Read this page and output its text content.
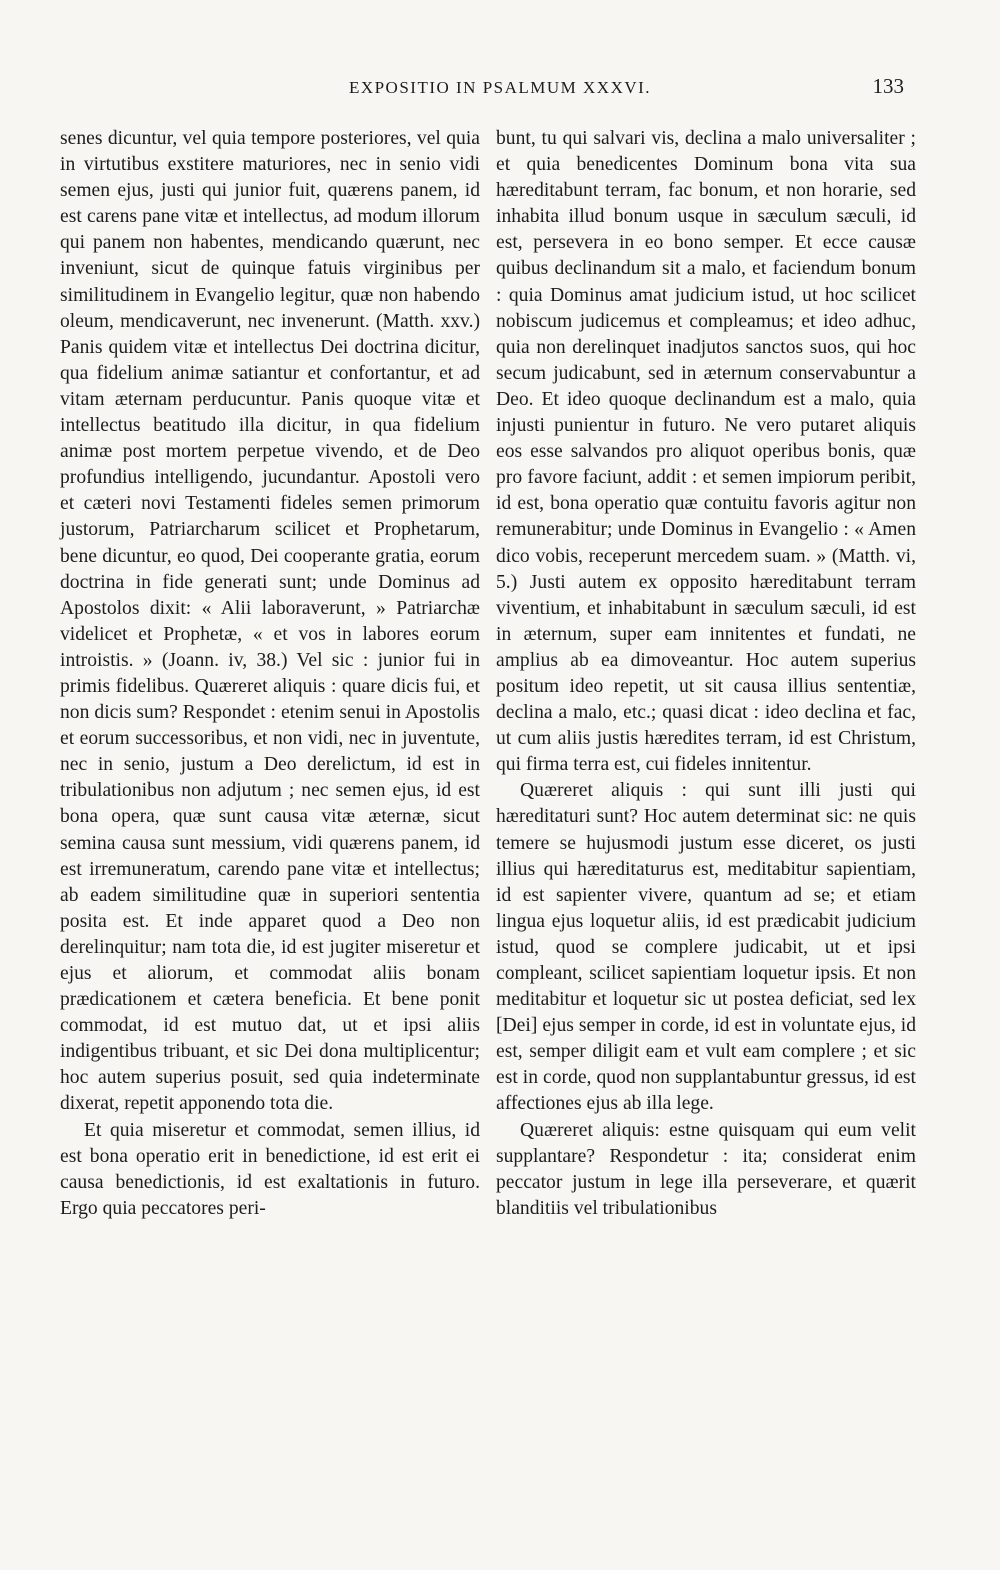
EXPOSITIO IN PSALMUM XXXVI.	133

senes dicuntur, vel quia tempore posteriores, vel quia in virtutibus exstitere maturiores, nec in senio vidi semen ejus, justi qui junior fuit, quærens panem, id est carens pane vitæ et intellectus, ad modum illorum qui panem non habentes, mendicando quærunt, nec inveniunt, sicut de quinque fatuis virginibus per similitudinem in Evangelio legitur, quæ non habendo oleum, mendicaverunt, nec invenerunt. (Matth. xxv.) Panis quidem vitæ et intellectus Dei doctrina dicitur, qua fidelium animæ satiantur et confortantur, et ad vitam æternam perducuntur. Panis quoque vitæ et intellectus beatitudo illa dicitur, in qua fidelium animæ post mortem perpetue vivendo, et de Deo profundius intelligendo, jucundantur. Apostoli vero et cæteri novi Testamenti fideles semen primorum justorum, Patriarcharum scilicet et Prophetarum, bene dicuntur, eo quod, Dei cooperante gratia, eorum doctrina in fide generati sunt; unde Dominus ad Apostolos dixit: « Alii laboraverunt, » Patriarchæ videlicet et Prophetæ, « et vos in labores eorum introistis. » (Joann. iv, 38.) Vel sic : junior fui in primis fidelibus. Quæreret aliquis : quare dicis fui, et non dicis sum? Respondet : etenim senui in Apostolis et eorum successoribus, et non vidi, nec in juventute, nec in senio, justum a Deo derelictum, id est in tribulationibus non adjutum ; nec semen ejus, id est bona opera, quæ sunt causa vitæ æternæ, sicut semina causa sunt messium, vidi quærens panem, id est irremuneratum, carendo pane vitæ et intellectus; ab eadem similitudine quæ in superiori sententia posita est. Et inde apparet quod a Deo non derelinquitur; nam tota die, id est jugiter miseretur et ejus et aliorum, et commodat aliis bonam prædicationem et cætera beneficia. Et bene ponit commodat, id est mutuo dat, ut et ipsi aliis indigentibus tribuant, et sic Dei dona multiplicentur; hoc autem superius posuit, sed quia indeterminate dixerat, repetit apponendo tota die.

Et quia miseretur et commodat, semen illius, id est bona operatio erit in benedictione, id est erit ei causa benedictionis, id est exaltationis in futuro. Ergo quia peccatores peri-

bunt, tu qui salvari vis, declina a malo universaliter ; et quia benedicentes Dominum bona vita sua hæreditabunt terram, fac bonum, et non horarie, sed inhabita illud bonum usque in sæculum sæculi, id est, persevera in eo bono semper. Et ecce causæ quibus declinandum sit a malo, et faciendum bonum : quia Dominus amat judicium istud, ut hoc scilicet nobiscum judicemus et compleamus; et ideo adhuc, quia non derelinquet inadjutos sanctos suos, qui hoc secum judicabunt, sed in æternum conservabuntur a Deo. Et ideo quoque declinandum est a malo, quia injusti punientur in futuro. Ne vero putaret aliquis eos esse salvandos pro aliquot operibus bonis, quæ pro favore faciunt, addit : et semen impiorum peribit, id est, bona operatio quæ contuitu favoris agitur non remunerabitur; unde Dominus in Evangelio : « Amen dico vobis, receperunt mercedem suam. » (Matth. vi, 5.) Justi autem ex opposito hæreditabunt terram viventium, et inhabitabunt in sæculum sæculi, id est in æternum, super eam innitentes et fundati, ne amplius ab ea dimoveantur. Hoc autem superius positum ideo repetit, ut sit causa illius sententiæ, declina a malo, etc.; quasi dicat : ideo declina et fac, ut cum aliis justis hæredites terram, id est Christum, qui firma terra est, cui fideles innitentur.

Quæreret aliquis : qui sunt illi justi qui hæreditaturi sunt? Hoc autem determinat sic: ne quis temere se hujusmodi justum esse diceret, os justi illius qui hæreditaturus est, meditabitur sapientiam, id est sapienter vivere, quantum ad se; et etiam lingua ejus loquetur aliis, id est prædicabit judicium istud, quod se complere judicabit, ut et ipsi compleant, scilicet sapientiam loquetur ipsis. Et non meditabitur et loquetur sic ut postea deficiat, sed lex [Dei] ejus semper in corde, id est in voluntate ejus, id est, semper diligit eam et vult eam complere ; et sic est in corde, quod non supplantabuntur gressus, id est affectiones ejus ab illa lege.

Quæreret aliquis: estne quisquam qui eum velit supplantare? Respondetur : ita; considerat enim peccator justum in lege illa perseverare, et quærit blanditiis vel tribulationibus
